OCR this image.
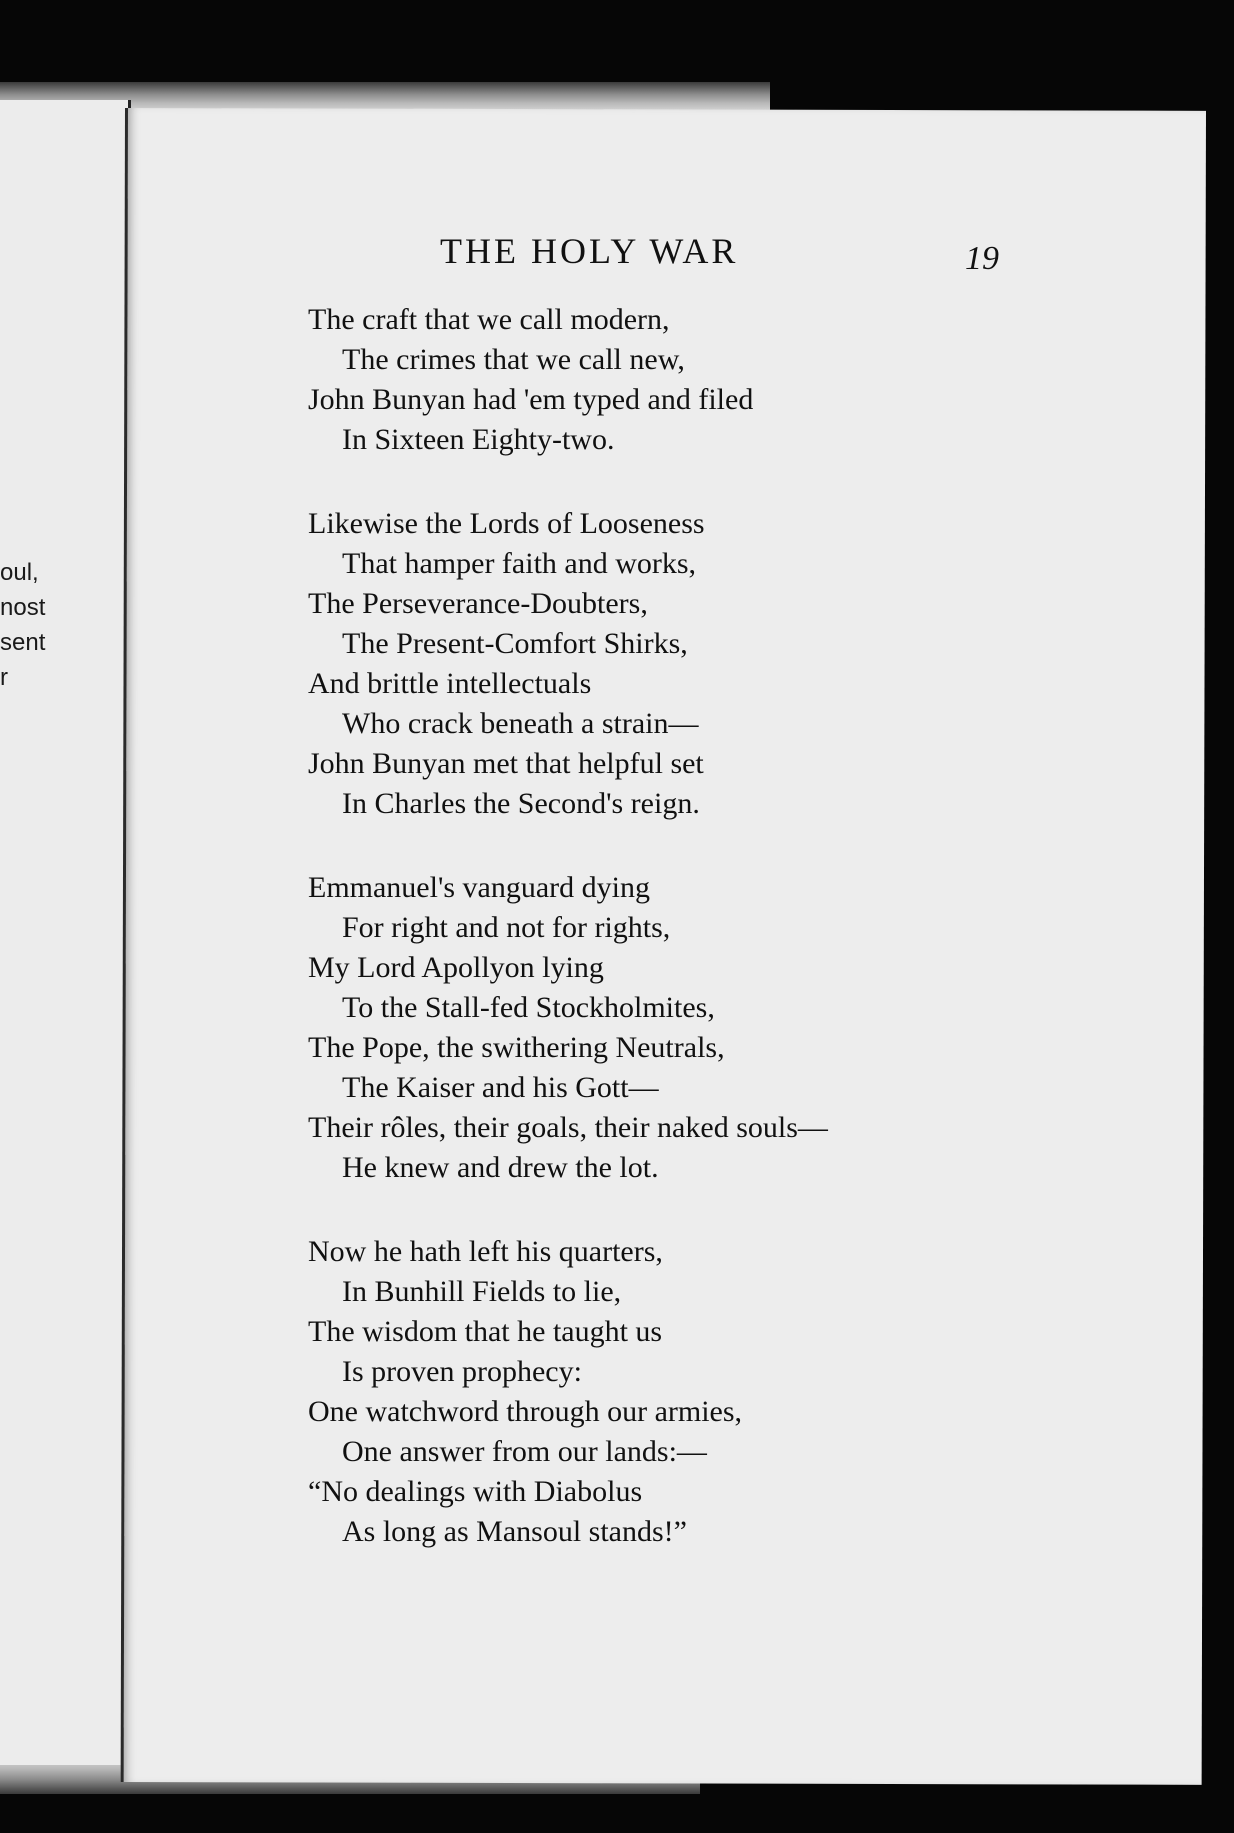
oul,
nost
sent
r
THE HOLY WAR	19
The craft that we call modern,
The crimes that we call new,
John Bunyan had 'em typed and filed
In Sixteen Eighty-two.
Likewise the Lords of Looseness
That hamper faith and works,
The Perseverance-Doubters,
The Present-Comfort Shirks,
And brittle intellectuals
Who crack beneath a strain—
John Bunyan met that helpful set
In Charles the Second's reign.
Emmanuel's vanguard dying
For right and not for rights,
My Lord Apollyon lying
To the Stall-fed Stockholmites,
The Pope, the swithering Neutrals,
The Kaiser and his Gott—
Their rôles, their goals, their naked souls—
He knew and drew the lot.
Now he hath left his quarters,
In Bunhill Fields to lie,
The wisdom that he taught us
Is proven prophecy:
One watchword through our armies,
One answer from our lands:—
“No dealings with Diabolus
As long as Mansoul stands!”
